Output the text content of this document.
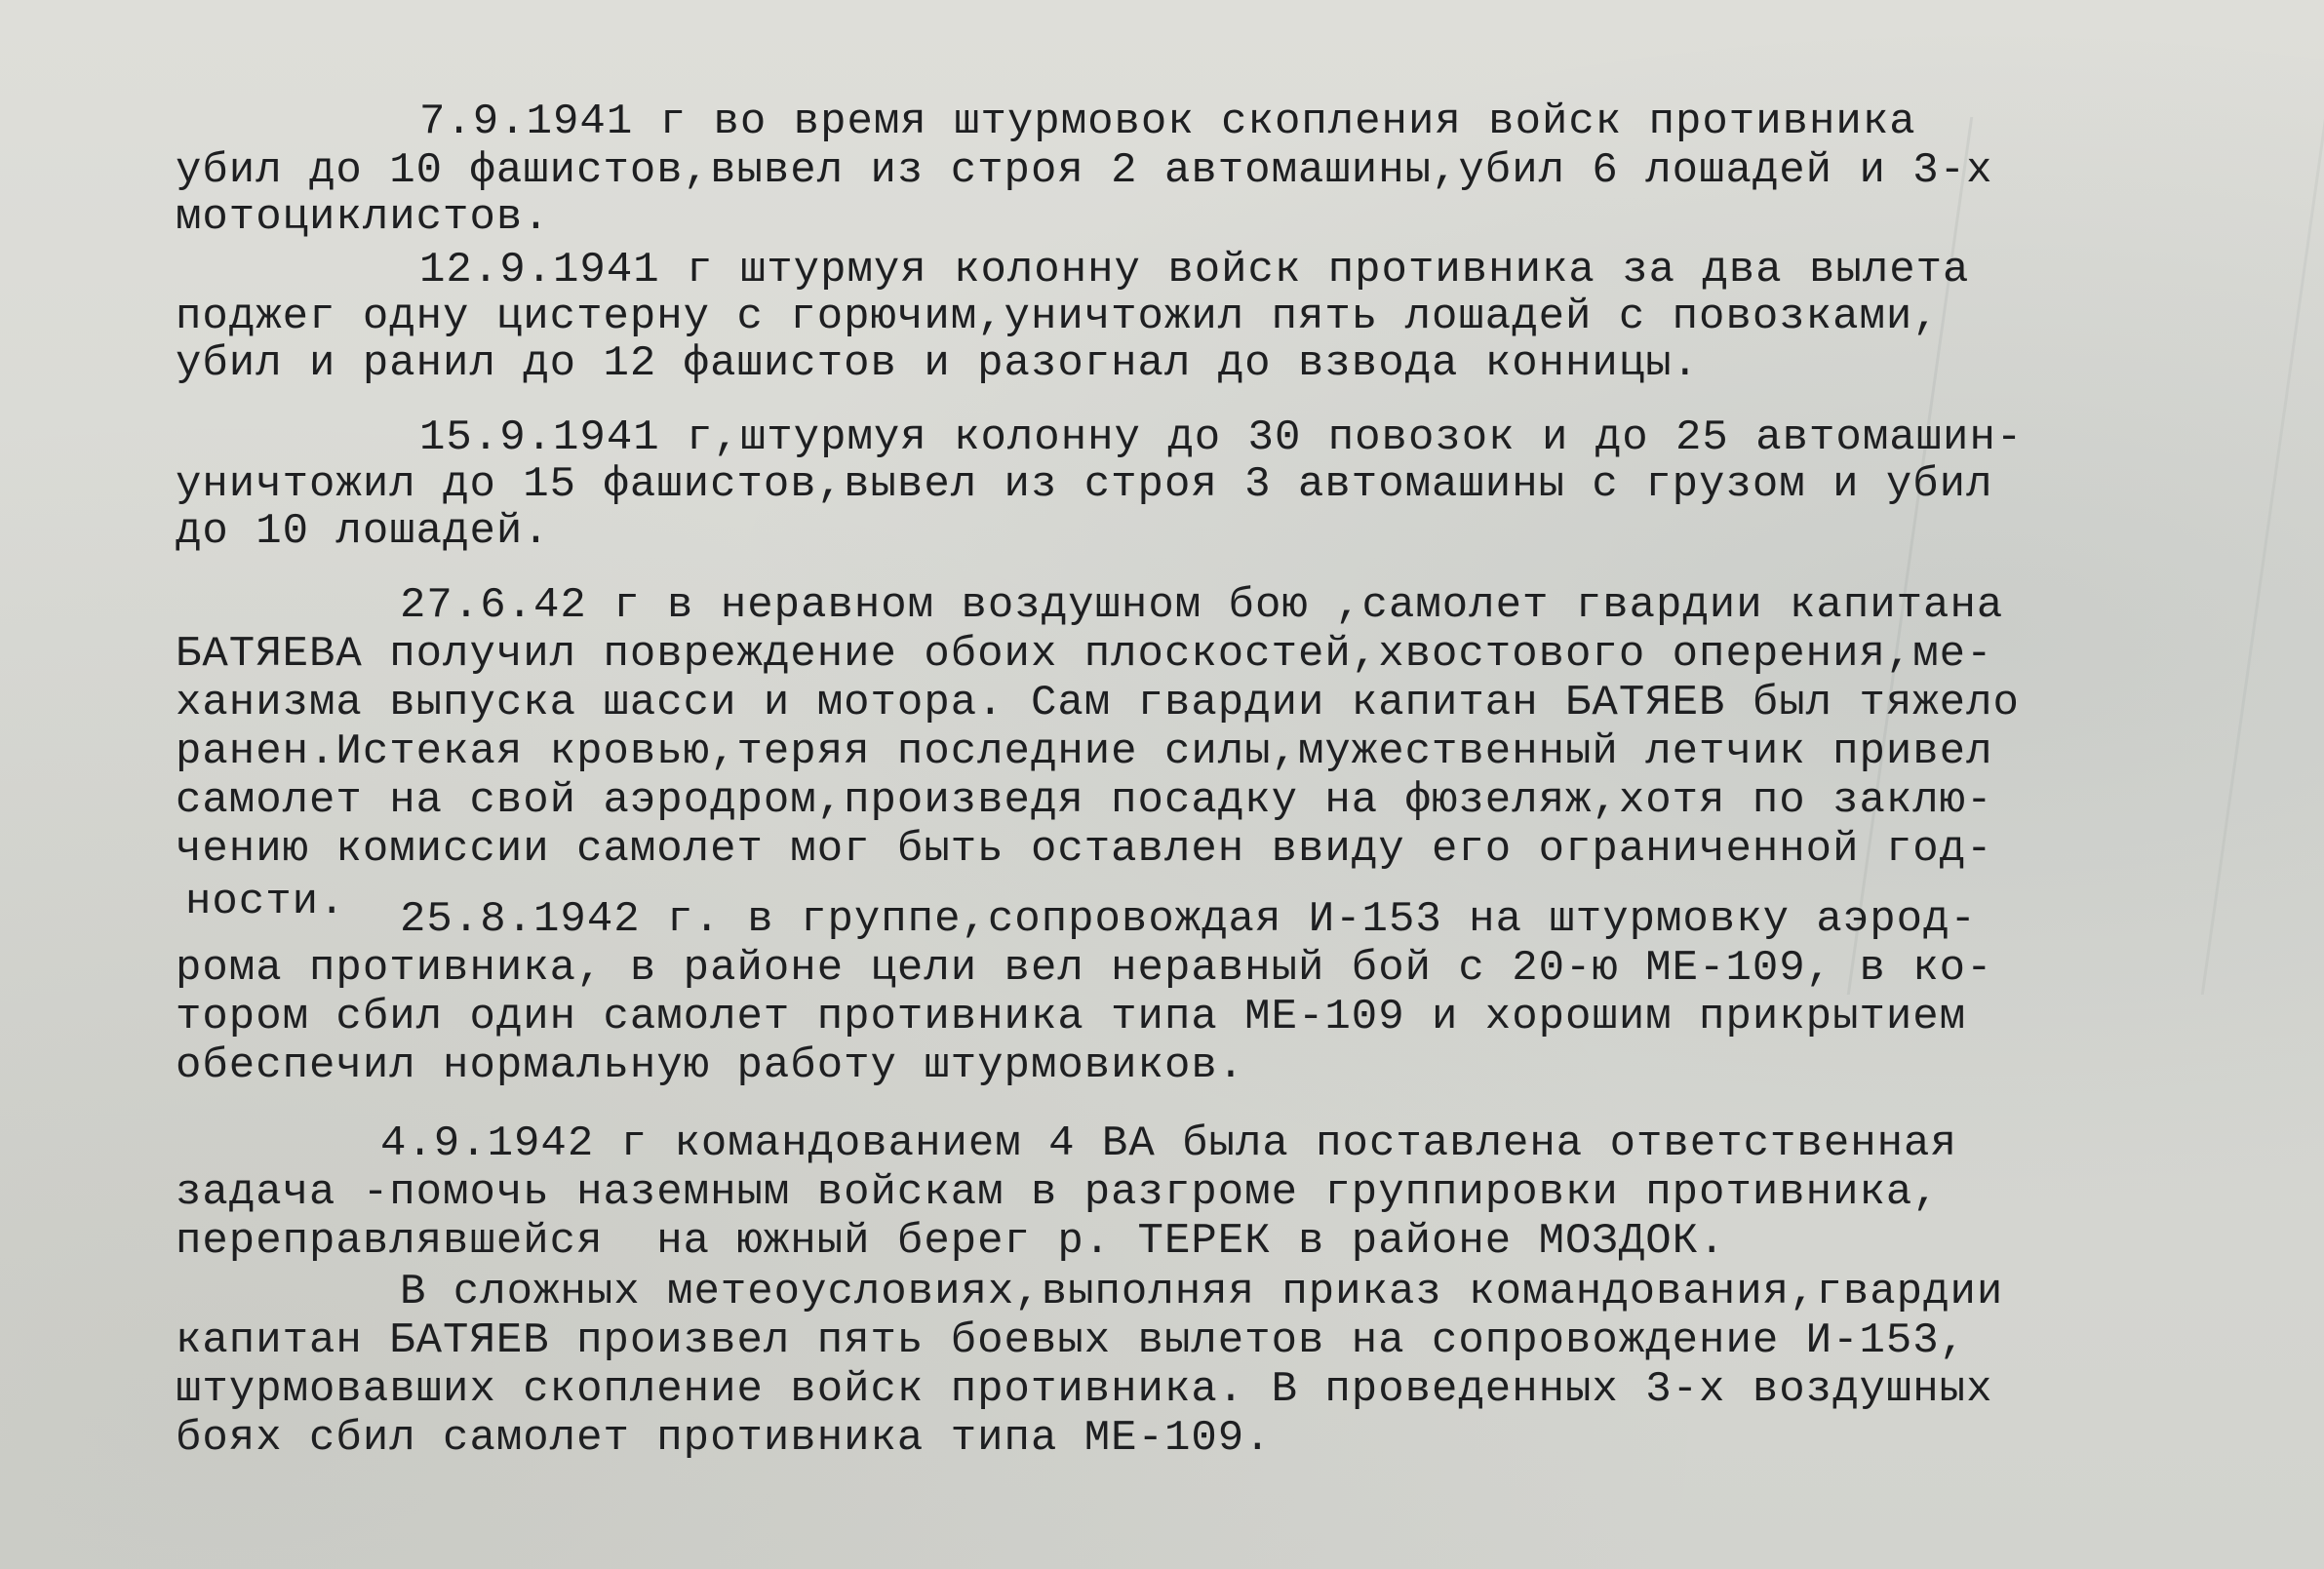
7.9.1941 г во время штурмовок скопления войск противника
убил до 10 фашистов,вывел из строя 2 автомашины,убил 6 лошадей и 3-х
мотоциклистов.
12.9.1941 г штурмуя колонну войск противника за два вылета
поджег одну цистерну с горючим,уничтожил пять лошадей с повозками,
убил и ранил до 12 фашистов и разогнал до взвода конницы.
15.9.1941 г,штурмуя колонну до 30 повозок и до 25 автомашин-
уничтожил до 15 фашистов,вывел из строя 3 автомашины с грузом и убил
до 10 лошадей.
27.6.42 г в неравном воздушном бою ,самолет гвардии капитана
БАТЯЕВА получил повреждение обоих плоскостей,хвостового оперения,ме-
ханизма выпуска шасси и мотора. Сам гвардии капитан БАТЯЕВ был тяжело
ранен.Истекая кровью,теряя последние силы,мужественный летчик привел
самолет на свой аэродром,произведя посадку на фюзеляж,хотя по заклю-
чению комиссии самолет мог быть оставлен ввиду его ограниченной год-
ности. 25.8.1942 г. в группе,сопровождая И-153 на штурмовку аэрод-
рома противника, в районе цели вел неравный бой с 20-ю МЕ-109, в ко-
тором сбил один самолет противника типа МЕ-109 и хорошим прикрытием
обеспечил нормальную работу штурмовиков.
4.9.1942 г командованием 4 ВА была поставлена ответственная
задача -помочь наземным войскам в разгроме группировки противника,
переправлявшейся  на южный берег р. ТЕРЕК в районе МОЗДОК.
В сложных метеоусловиях,выполняя приказ командования,гвардии
капитан БАТЯЕВ произвел пять боевых вылетов на сопровождение И-153,
штурмовавших скопление войск противника. В проведенных 3-х воздушных
боях сбил самолет противника типа МЕ-109.
